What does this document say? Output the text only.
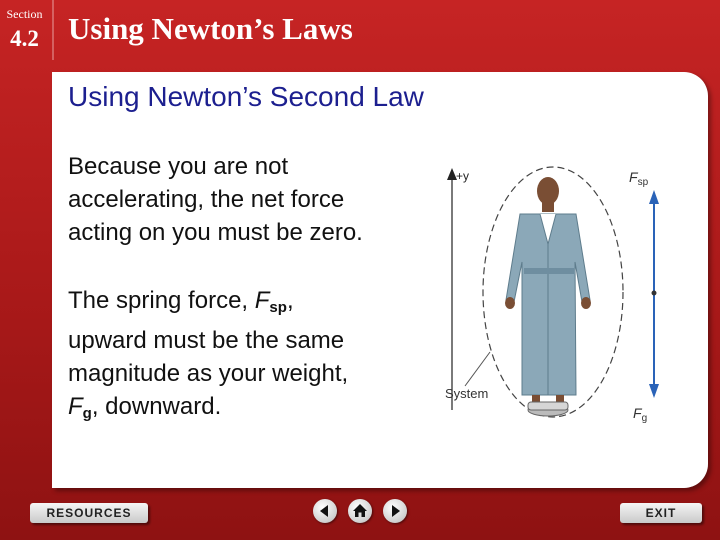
Section
4.2 Using Newton’s Laws
Using Newton’s Second Law
Because you are not
accelerating, the net force
acting on you must be zero.
The spring force, $F_{sp}$,
upward must be the same
magnitude as your weight,
$F_g$, downward.
+y
System
$F_{sp}$
$F_g$
RESOURCES	EXIT
